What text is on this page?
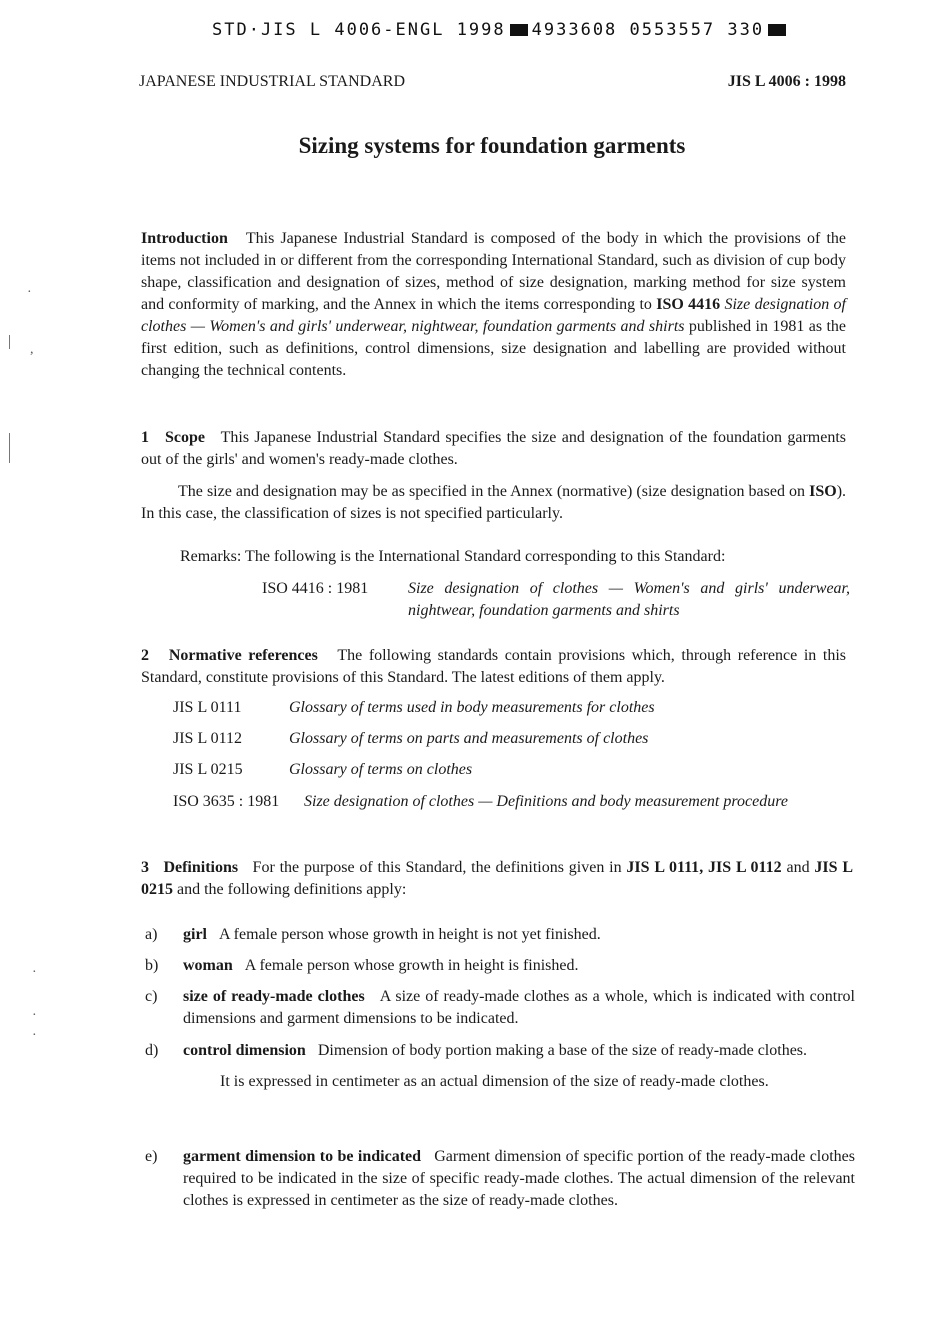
STD·JIS L 4006-ENGL 1998 4933608 0553557 330
JAPANESE INDUSTRIAL STANDARD	JIS L 4006 : 1998
Sizing systems for foundation garments
Introduction This Japanese Industrial Standard is composed of the body in which the provisions of the items not included in or different from the corresponding International Standard, such as division of cup body shape, classification and designation of sizes, method of size designation, marking method for size system and conformity of marking, and the Annex in which the items corresponding to ISO 4416 Size designation of clothes — Women's and girls' underwear, nightwear, foundation garments and shirts published in 1981 as the first edition, such as definitions, control dimensions, size designation and labelling are provided without changing the technical contents.
1 Scope This Japanese Industrial Standard specifies the size and designation of the foundation garments out of the girls' and women's ready-made clothes.
The size and designation may be as specified in the Annex (normative) (size designation based on ISO). In this case, the classification of sizes is not specified particularly.
Remarks: The following is the International Standard corresponding to this Standard:
ISO 4416 : 1981 Size designation of clothes — Women's and girls' underwear, nightwear, foundation garments and shirts
2 Normative references The following standards contain provisions which, through reference in this Standard, constitute provisions of this Standard. The latest editions of them apply.
JIS L 0111	Glossary of terms used in body measurements for clothes
JIS L 0112	Glossary of terms on parts and measurements of clothes
JIS L 0215	Glossary of terms on clothes
ISO 3635 : 1981 Size designation of clothes — Definitions and body measurement procedure
3 Definitions For the purpose of this Standard, the definitions given in JIS L 0111, JIS L 0112 and JIS L 0215 and the following definitions apply:
a) girl A female person whose growth in height is not yet finished.
b) woman A female person whose growth in height is finished.
c) size of ready-made clothes A size of ready-made clothes as a whole, which is indicated with control dimensions and garment dimensions to be indicated.
d) control dimension Dimension of body portion making a base of the size of ready-made clothes.
It is expressed in centimeter as an actual dimension of the size of ready-made clothes.
e) garment dimension to be indicated Garment dimension of specific portion of the ready-made clothes required to be indicated in the size of specific ready-made clothes. The actual dimension of the relevant clothes is expressed in centimeter as the size of ready-made clothes.
·
,
·
·
·
